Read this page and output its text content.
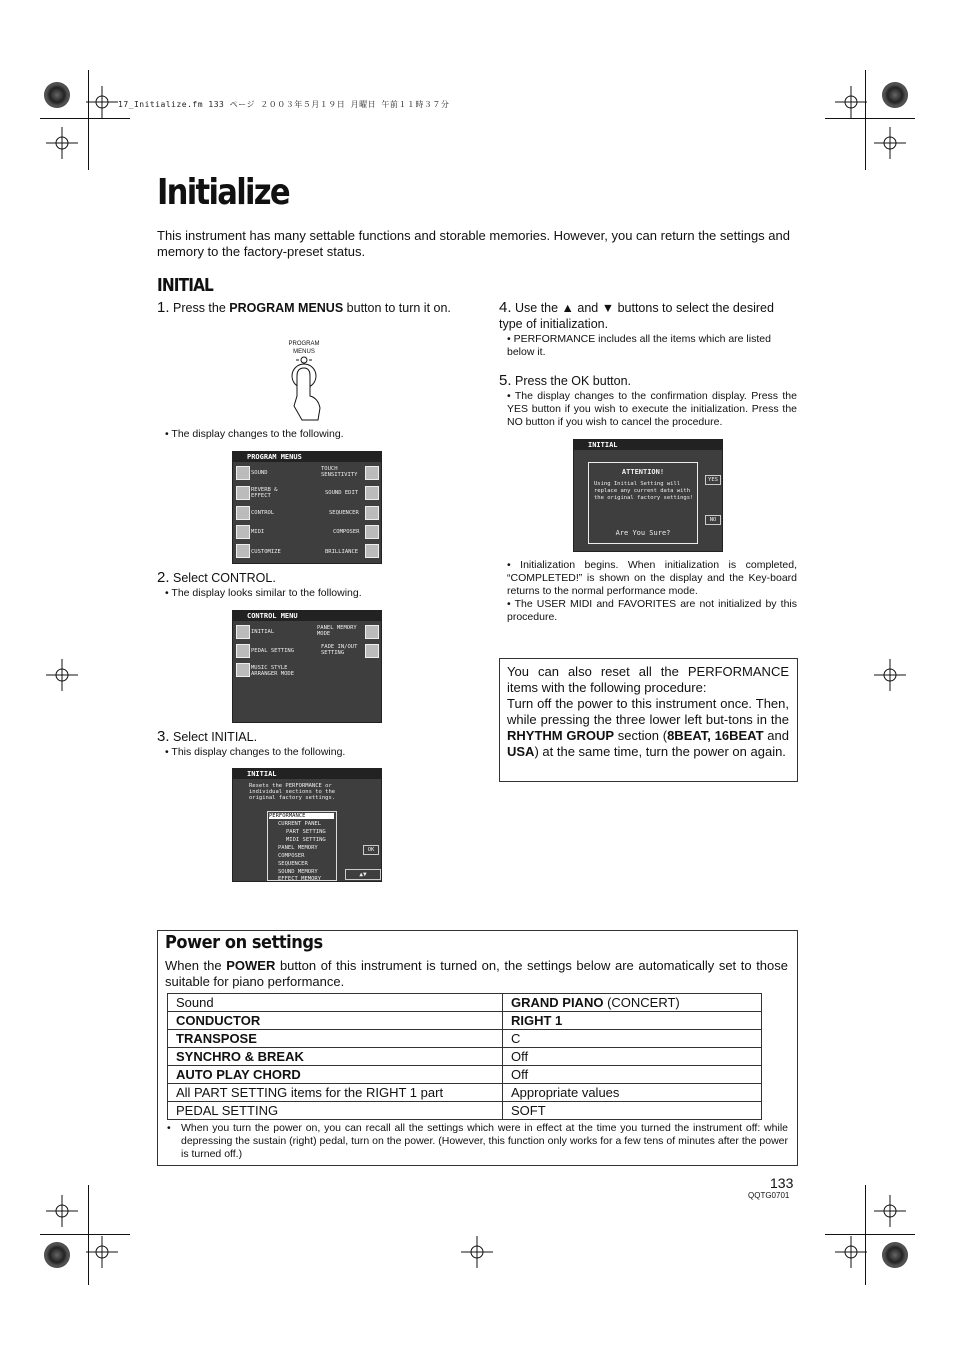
17_Initialize.fm 133 ページ ２００３年５月１９日 月曜日 午前１１時３７分
Initialize
This instrument has many settable functions and storable memories. However, you can return the settings and memory to the factory-preset status.
INITIAL
1. Press the PROGRAM MENUS button to turn it on.
PROGRAM MENUS
• The display changes to the following.
PROGRAM MENUS
SOUND
REVERB & EFFECT
CONTROL
MIDI
CUSTOMIZE
TOUCH SENSITIVITY
SOUND EDIT
SEQUENCER
COMPOSER
BRILLIANCE
2. Select CONTROL.
• The display looks similar to the following.
CONTROL MENU
INITIAL
PEDAL SETTING
MUSIC STYLE ARRANGER MODE
PANEL MEMORY MODE
FADE IN/OUT SETTING
3. Select INITIAL.
• This display changes to the following.
INITIAL
Resets the PERFORMANCE or individual sections to the original factory settings.
PERFORMANCE
CURRENT PANEL
PART SETTING
MIDI SETTING
PANEL MEMORY
COMPOSER
SEQUENCER
SOUND MEMORY
EFFECT MEMORY
OK
▲▼
4. Use the ▲ and ▼ buttons to select the desired type of initialization.
• PERFORMANCE includes all the items which are listed below it.
5. Press the OK button.
• The display changes to the confirmation display. Press the YES button if you wish to execute the initialization. Press the NO button if you wish to cancel the procedure.
INITIAL
ATTENTION!
Using Initial Setting will replace any current data with the original factory settings!
Are You Sure?
YES
NO
• Initialization begins. When initialization is completed, “COMPLETED!” is shown on the display and the Key-board returns to the normal performance mode.
• The USER MIDI and FAVORITES are not initialized by this procedure.
You can also reset all the PERFORMANCE items with the following procedure:
Turn off the power to this instrument once. Then, while pressing the three lower left but-tons in the RHYTHM GROUP section (8BEAT, 16BEAT and USA) at the same time, turn the power on again.
Power on settings
When the POWER button of this instrument is turned on, the settings below are automatically set to those suitable for piano performance.
Sound	GRAND PIANO (CONCERT)
CONDUCTOR	RIGHT 1
TRANSPOSE	C
SYNCHRO & BREAK	Off
AUTO PLAY CHORD	Off
All PART SETTING items for the RIGHT 1 part	Appropriate values
PEDAL SETTING	SOFT
• When you turn the power on, you can recall all the settings which were in effect at the time you turned the instrument off: while depressing the sustain (right) pedal, turn on the power. (However, this function only works for a few tens of minutes after the power is turned off.)
133
QQTG0701
